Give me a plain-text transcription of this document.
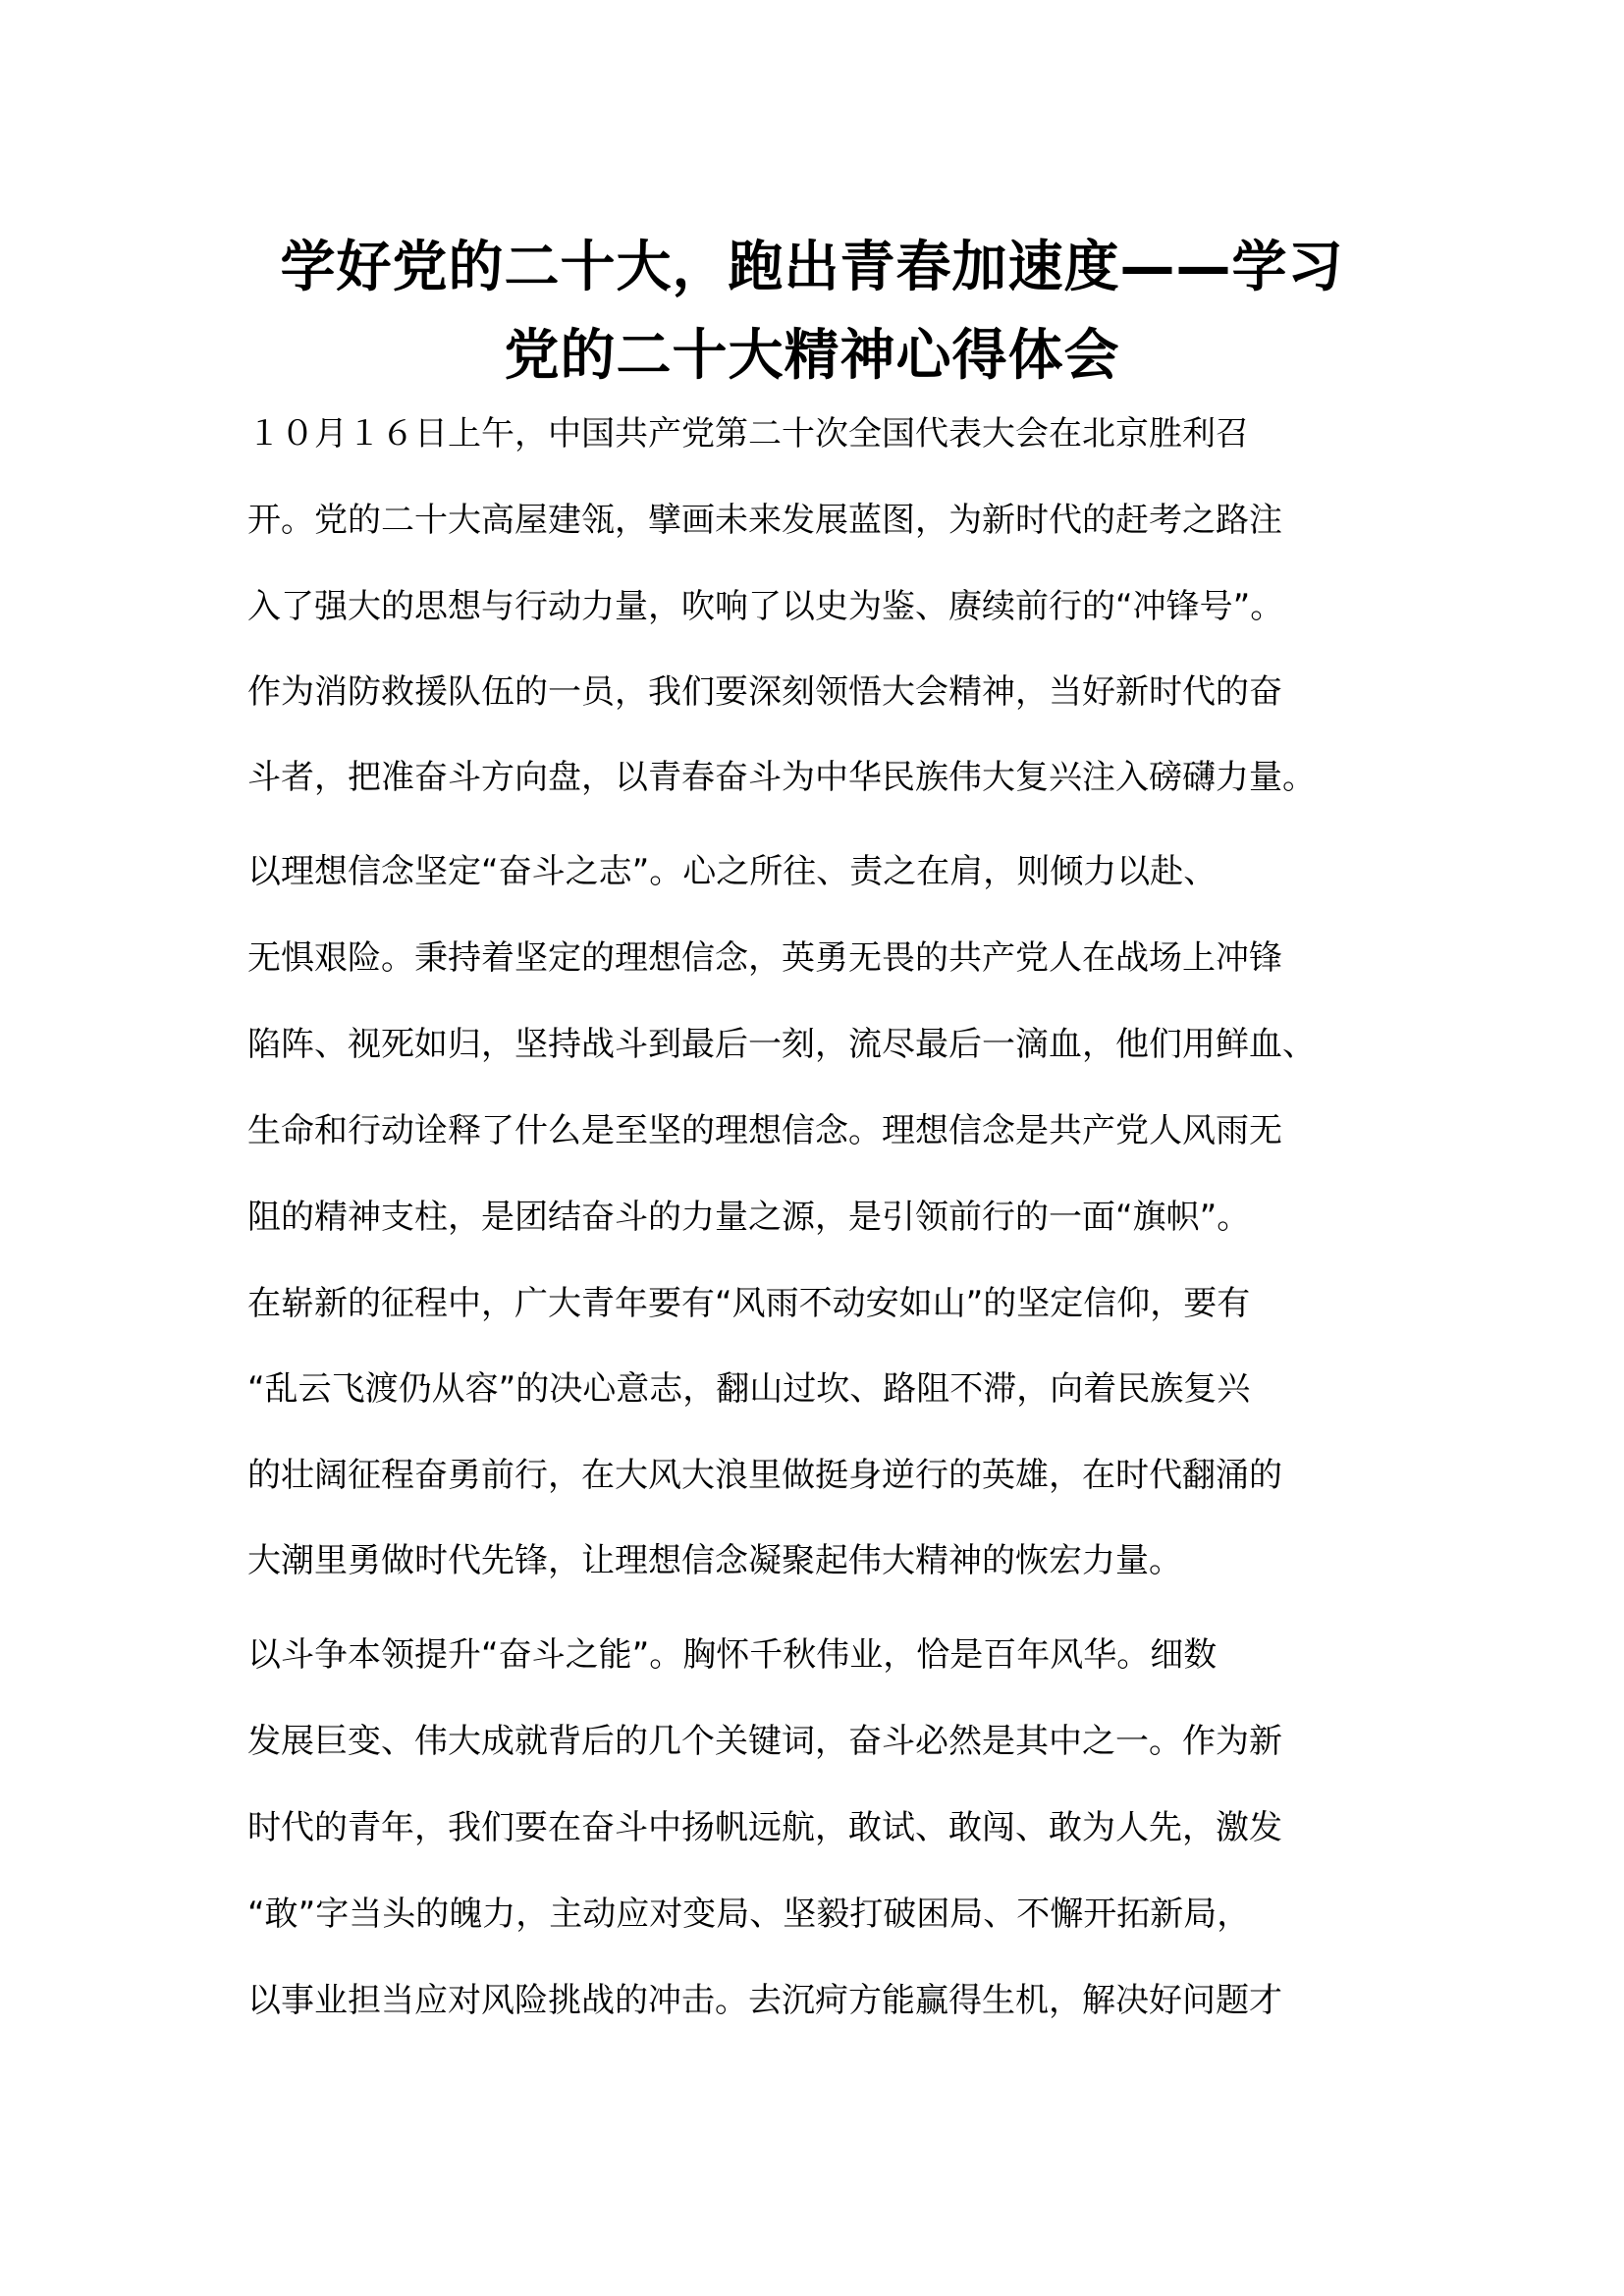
学好党的二十大，跑出青春加速度——学习
党的二十大精神心得体会

１０月１６日上午，中国共产党第二十次全国代表大会在北京胜利召

开。党的二十大高屋建瓴，擘画未来发展蓝图，为新时代的赶考之路注

入了强大的思想与行动力量，吹响了以史为鉴、赓续前行的“冲锋号”。

作为消防救援队伍的一员，我们要深刻领悟大会精神，当好新时代的奋

斗者，把准奋斗方向盘，以青春奋斗为中华民族伟大复兴注入磅礴力量。

以理想信念坚定“奋斗之志”。心之所往、责之在肩，则倾力以赴、

无惧艰险。秉持着坚定的理想信念，英勇无畏的共产党人在战场上冲锋

陷阵、视死如归，坚持战斗到最后一刻，流尽最后一滴血，他们用鲜血、

生命和行动诠释了什么是至坚的理想信念。理想信念是共产党人风雨无

阻的精神支柱，是团结奋斗的力量之源，是引领前行的一面“旗帜”。

在崭新的征程中，广大青年要有“风雨不动安如山”的坚定信仰，要有

“乱云飞渡仍从容”的决心意志，翻山过坎、路阻不滞，向着民族复兴

的壮阔征程奋勇前行，在大风大浪里做挺身逆行的英雄，在时代翻涌的

大潮里勇做时代先锋，让理想信念凝聚起伟大精神的恢宏力量。

以斗争本领提升“奋斗之能”。胸怀千秋伟业，恰是百年风华。细数

发展巨变、伟大成就背后的几个关键词，奋斗必然是其中之一。作为新

时代的青年，我们要在奋斗中扬帆远航，敢试、敢闯、敢为人先，激发

“敢”字当头的魄力，主动应对变局、坚毅打破困局、不懈开拓新局，

以事业担当应对风险挑战的冲击。去沉疴方能赢得生机，解决好问题才
